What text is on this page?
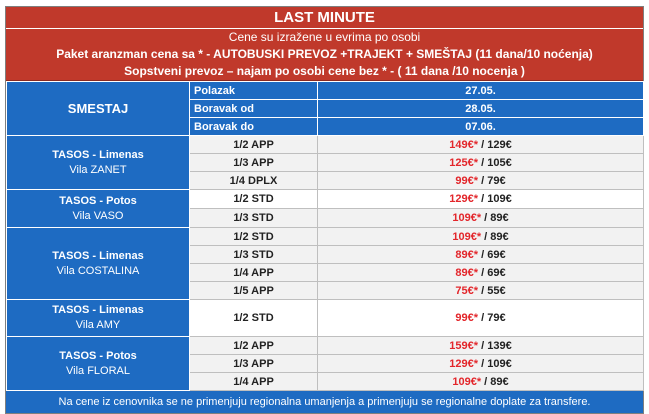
LAST MINUTE
Cene su izražene u evrima po osobi
Paket aranzman cena sa * - AUTOBUSKI PREVOZ +TRAJEKT + SMEŠTAJ (11 dana/10 noćenja)
Sopstveni prevoz – najam po osobi cene bez * - ( 11 dana /10 nocenja )
SMESTAJ	Polazak	27.05.
	Boravak od	28.05.
	Boravak do	07.06.

TASOS - Limenas
Vila ZANET	1/2 APP	149€* / 129€
	1/3 APP	125€* / 105€
	1/4 DPLX	99€* / 79€

TASOS - Potos
Vila VASO	1/2 STD	129€* / 109€
	1/3 STD	109€* / 89€

TASOS - Limenas
Vila COSTALINA	1/2 STD	109€* / 89€
	1/3 STD	89€* / 69€
	1/4 APP	89€* / 69€
	1/5 APP	75€* / 55€

TASOS - Limenas
Vila AMY	1/2 STD	99€* / 79€

TASOS - Potos
Vila FLORAL	1/2 APP	159€* / 139€
	1/3 APP	129€* / 109€
	1/4 APP	109€* / 89€
Na cene iz cenovnika se ne primenjuju regionalna umanjenja a primenjuju se regionalne doplate za transfere.
